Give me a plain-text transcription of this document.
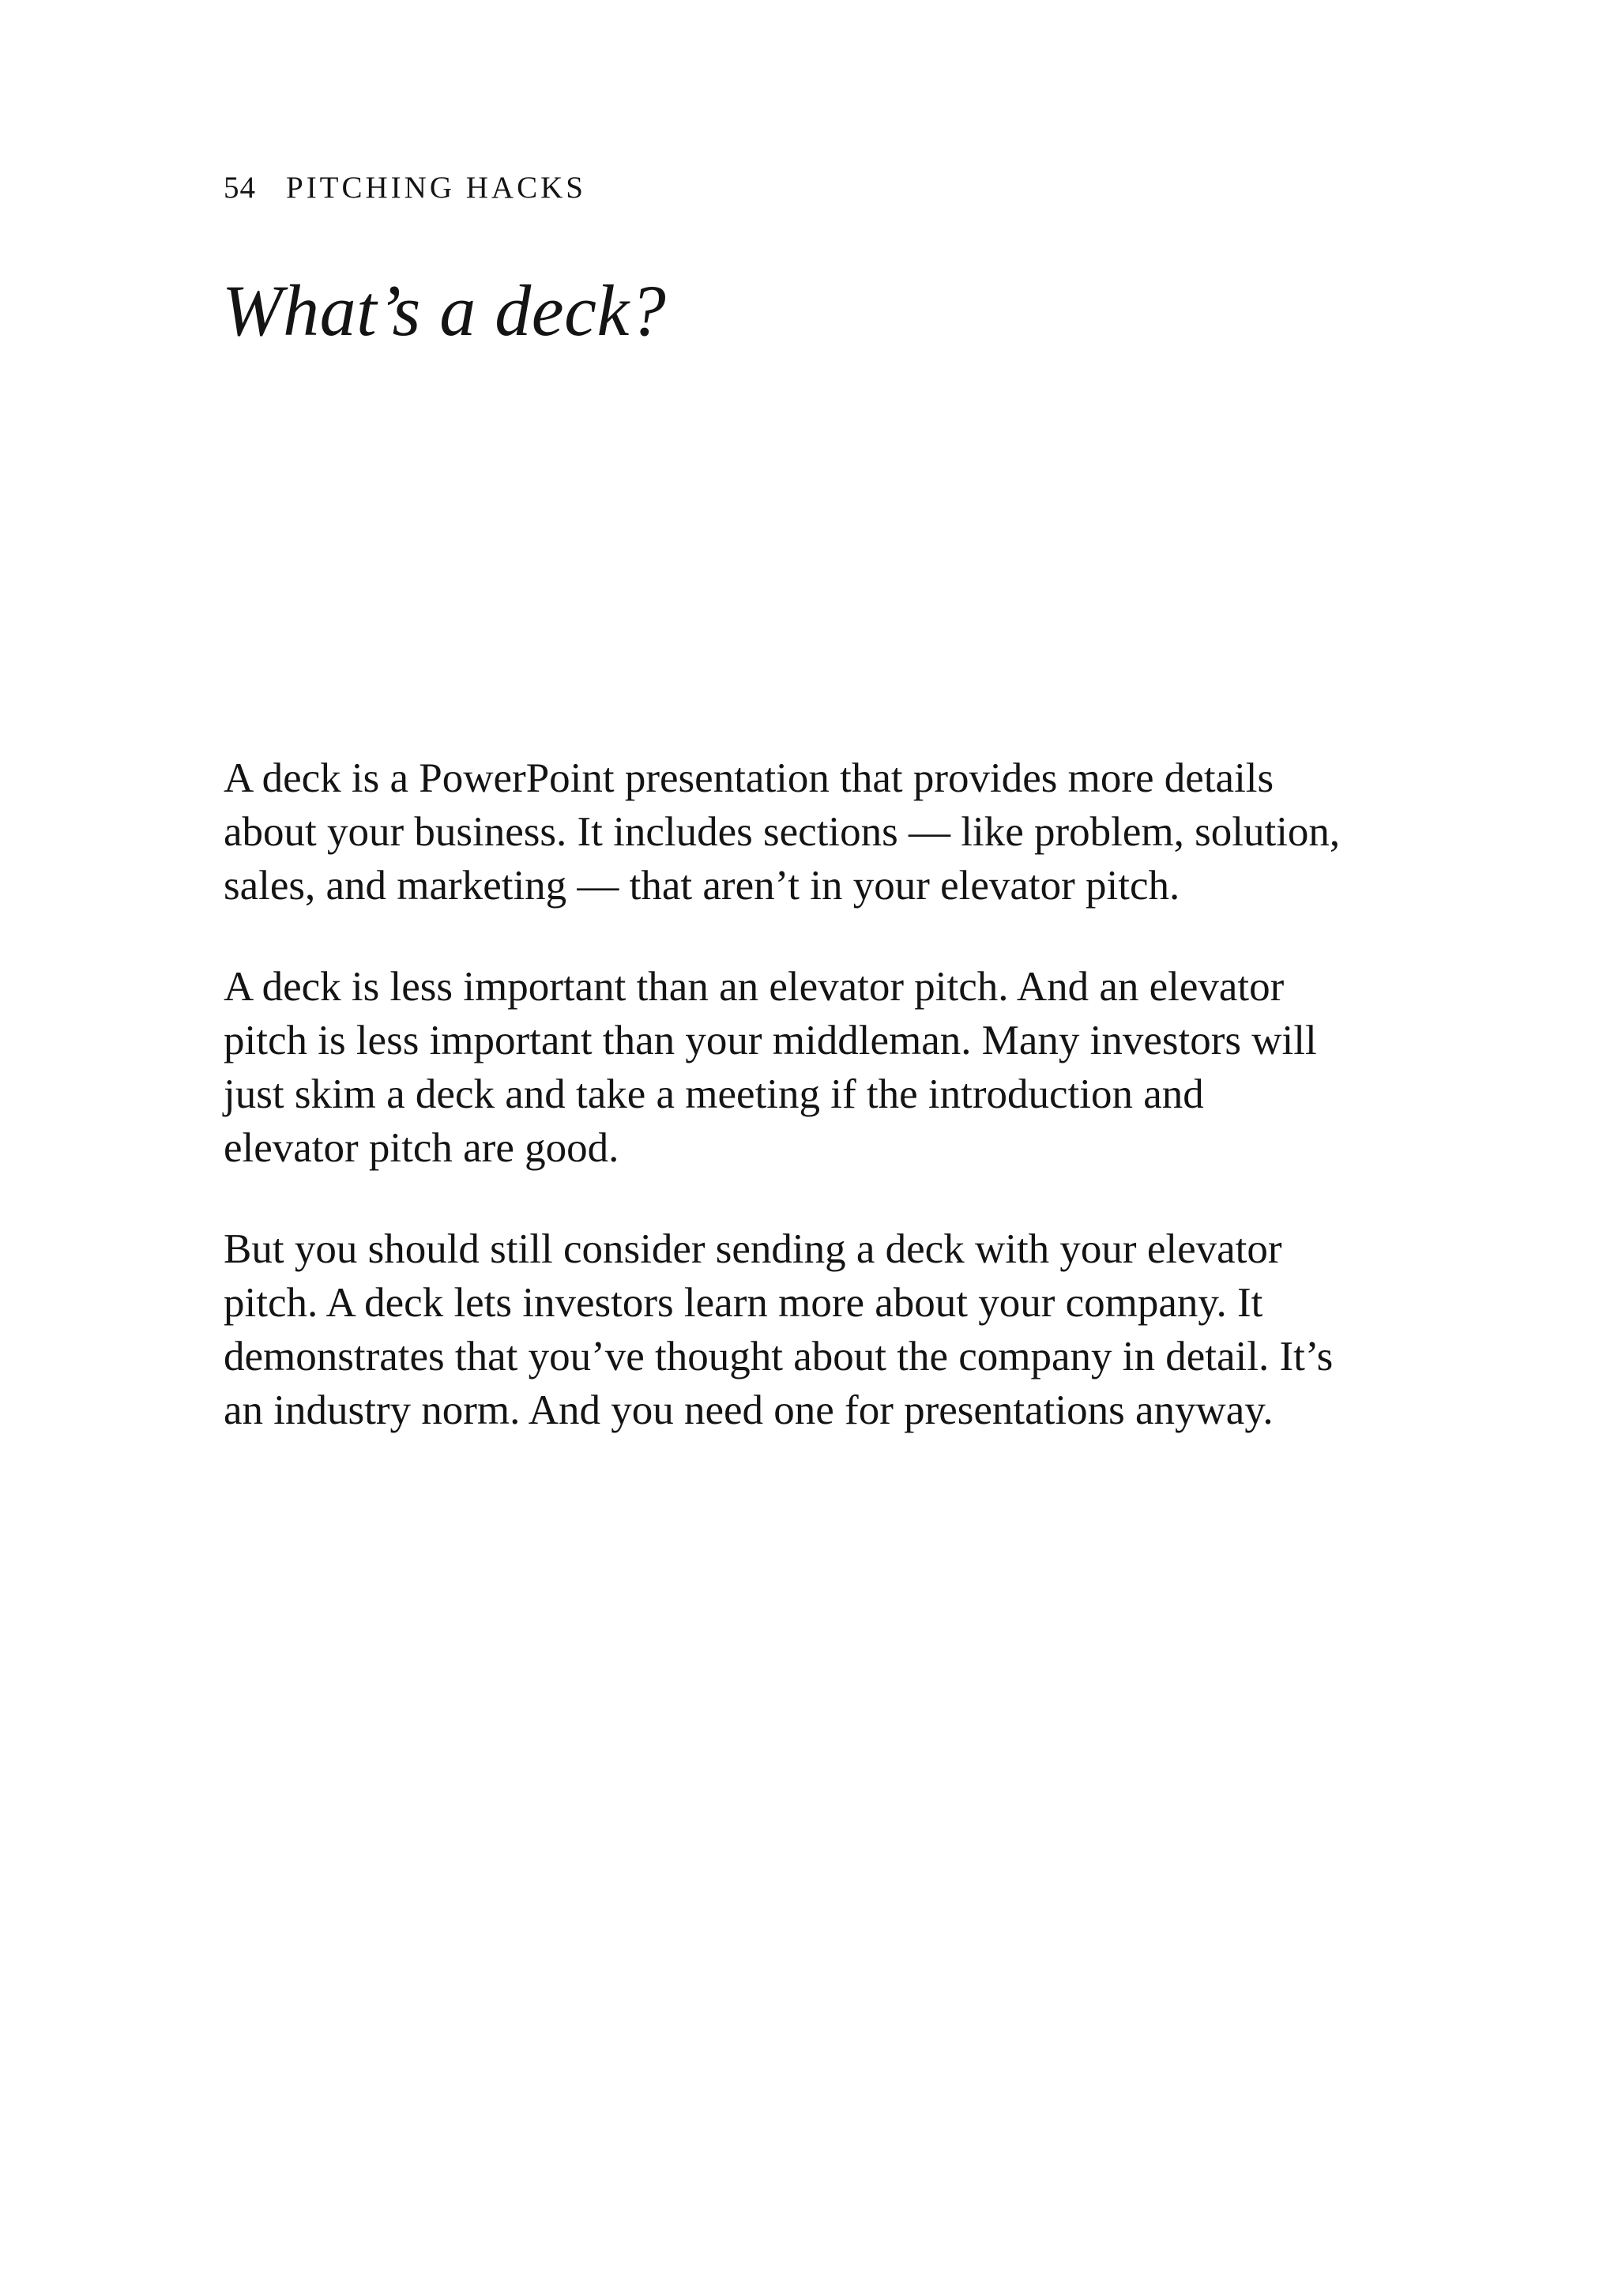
54 PITCHING HACKS
What’s a deck?

A deck is a PowerPoint presentation that provides more details
about your business. It includes sections — like problem, solution,
sales, and marketing — that aren’t in your elevator pitch.

A deck is less important than an elevator pitch. And an elevator
pitch is less important than your middleman. Many investors will
just skim a deck and take a meeting if the introduction and
elevator pitch are good.

But you should still consider sending a deck with your elevator
pitch. A deck lets investors learn more about your company. It
demonstrates that you’ve thought about the company in detail. It’s
an industry norm. And you need one for presentations anyway.
